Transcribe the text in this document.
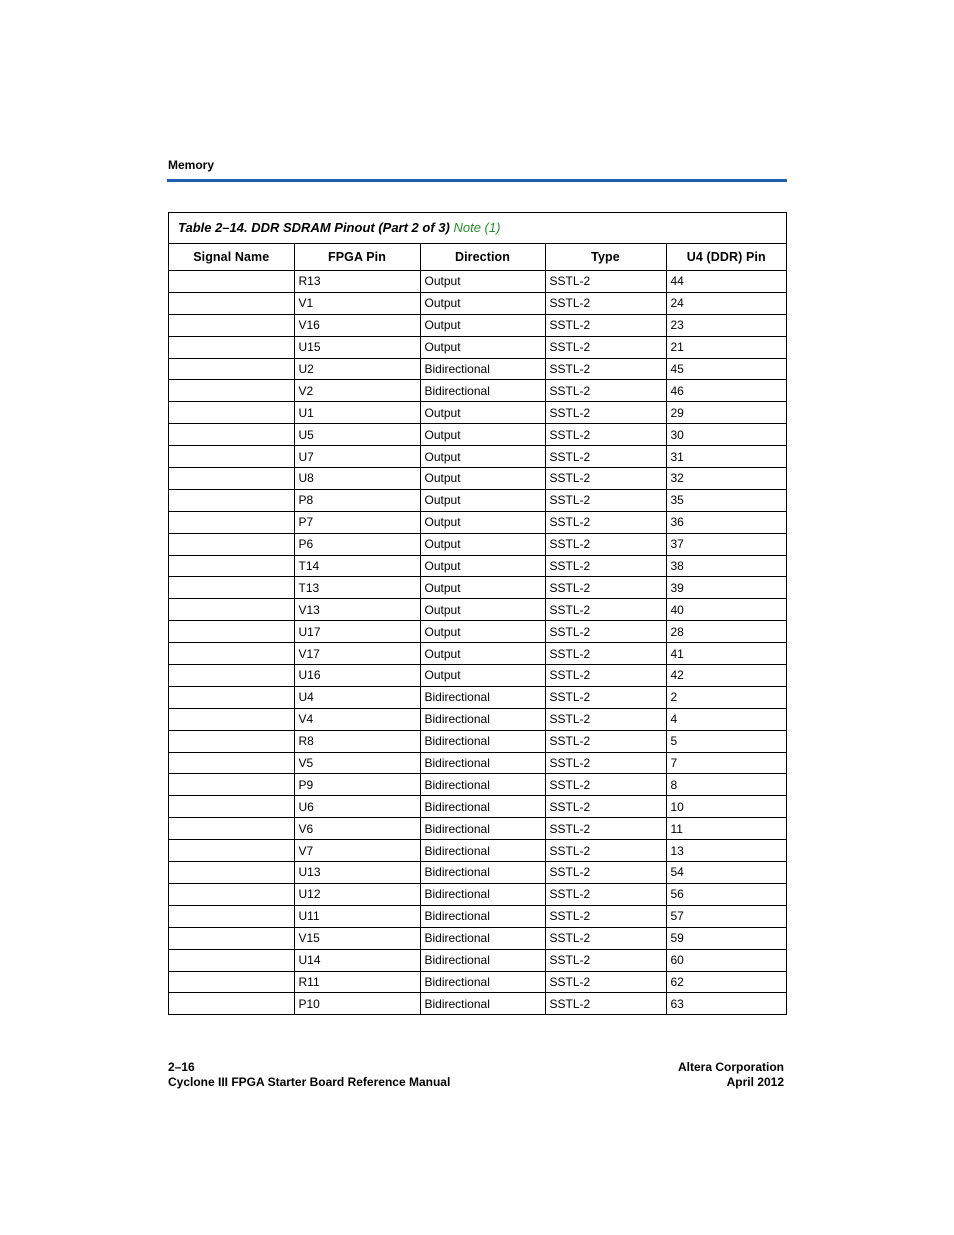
Memory
Table 2–14. DDR SDRAM Pinout (Part 2 of 3) Note (1)
Signal Name	FPGA Pin	Direction	Type	U4 (DDR) Pin
	R13	Output	SSTL-2	44
	V1	Output	SSTL-2	24
	V16	Output	SSTL-2	23
	U15	Output	SSTL-2	21
	U2	Bidirectional	SSTL-2	45
	V2	Bidirectional	SSTL-2	46
	U1	Output	SSTL-2	29
	U5	Output	SSTL-2	30
	U7	Output	SSTL-2	31
	U8	Output	SSTL-2	32
	P8	Output	SSTL-2	35
	P7	Output	SSTL-2	36
	P6	Output	SSTL-2	37
	T14	Output	SSTL-2	38
	T13	Output	SSTL-2	39
	V13	Output	SSTL-2	40
	U17	Output	SSTL-2	28
	V17	Output	SSTL-2	41
	U16	Output	SSTL-2	42
	U4	Bidirectional	SSTL-2	2
	V4	Bidirectional	SSTL-2	4
	R8	Bidirectional	SSTL-2	5
	V5	Bidirectional	SSTL-2	7
	P9	Bidirectional	SSTL-2	8
	U6	Bidirectional	SSTL-2	10
	V6	Bidirectional	SSTL-2	11
	V7	Bidirectional	SSTL-2	13
	U13	Bidirectional	SSTL-2	54
	U12	Bidirectional	SSTL-2	56
	U11	Bidirectional	SSTL-2	57
	V15	Bidirectional	SSTL-2	59
	U14	Bidirectional	SSTL-2	60
	R11	Bidirectional	SSTL-2	62
	P10	Bidirectional	SSTL-2	63
2–16
Cyclone III FPGA Starter Board Reference Manual
Altera Corporation
April 2012
